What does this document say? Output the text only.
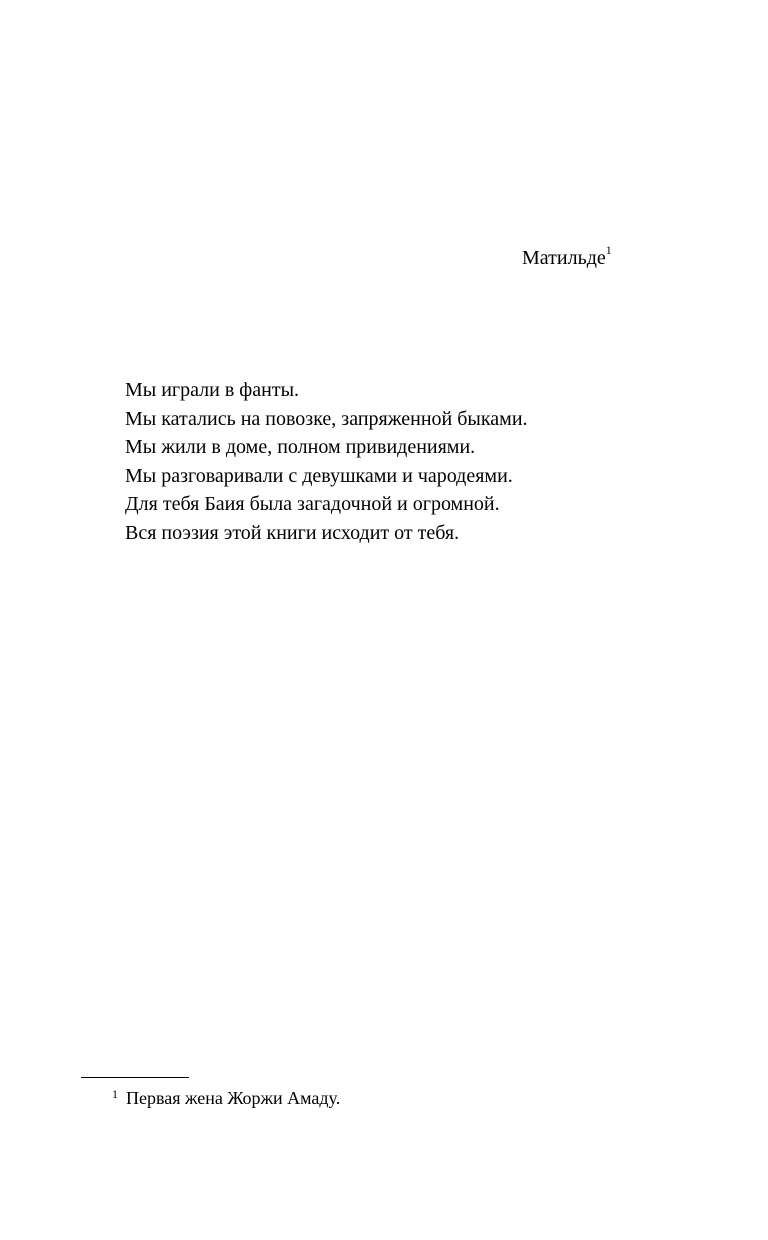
Матильде$^1$
Мы играли в фанты.
Мы катались на повозке, запряженной быками.
Мы жили в доме, полном привидениями.
Мы разговаривали с девушками и чародеями.
Для тебя Баия была загадочной и огромной.
Вся поэзия этой книги исходит от тебя.
$^1$ Первая жена Жоржи Амаду.
